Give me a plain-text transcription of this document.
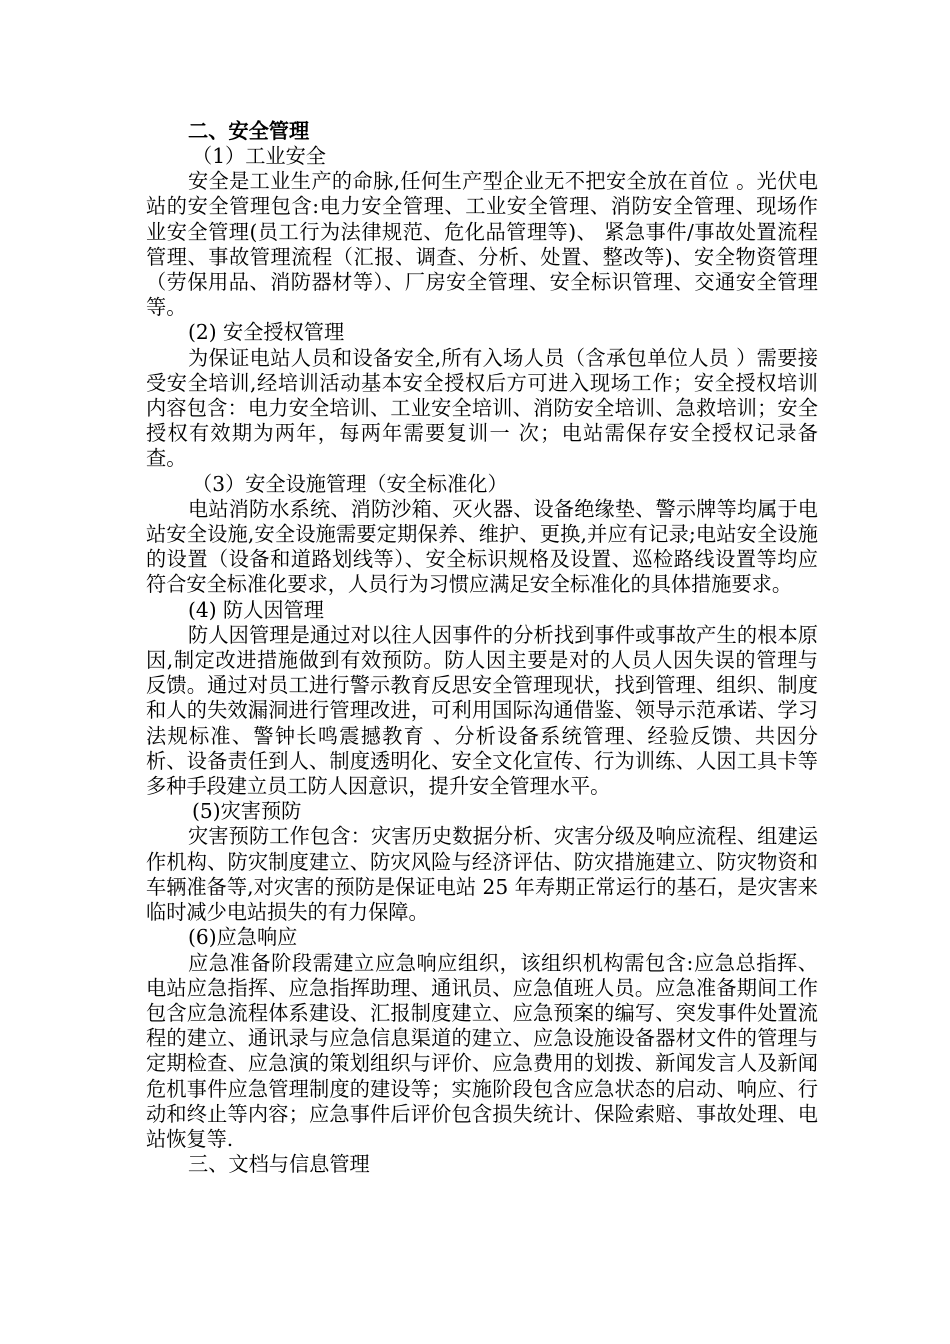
二、安全管理

（1）工业安全

安全是工业生产的命脉,任何生产型企业无不把安全放在首位 。光伏电站的安全管理包含:电力安全管理、工业安全管理、消防安全管理、现场作业安全管理(员工行为法律规范、危化品管理等)、 紧急事件/事故处置流程管理、事故管理流程（汇报、调查、分析、处置、整改等)、安全物资管理（劳保用品、消防器材等）、厂房安全管理、安全标识管理、交通安全管理等。

(2) 安全授权管理

为保证电站人员和设备安全,所有入场人员（含承包单位人员 ）需要接受安全培训,经培训活动基本安全授权后方可进入现场工作；安全授权培训内容包含：电力安全培训、工业安全培训、消防安全培训、急救培训；安全授权有效期为两年，每两年需要复训一 次；电站需保存安全授权记录备查。

（3）安全设施管理（安全标准化）

电站消防水系统、消防沙箱、灭火器、设备绝缘垫、警示牌等均属于电站安全设施,安全设施需要定期保养、维护、更换,并应有记录;电站安全设施的设置（设备和道路划线等）、安全标识规格及设置、巡检路线设置等均应符合安全标准化要求，人员行为习惯应满足安全标准化的具体措施要求。

(4) 防人因管理

防人因管理是通过对以往人因事件的分析找到事件或事故产生的根本原因,制定改进措施做到有效预防。防人因主要是对的人员人因失误的管理与反馈。通过对员工进行警示教育反思安全管理现状，找到管理、组织、制度和人的失效漏洞进行管理改进，可利用国际沟通借鉴、领导示范承诺、学习法规标准、警钟长鸣震撼教育 、分析设备系统管理、经验反馈、共因分析、设备责任到人、制度透明化、安全文化宣传、行为训练、人因工具卡等多种手段建立员工防人因意识，提升安全管理水平。

(5)灾害预防

灾害预防工作包含：灾害历史数据分析、灾害分级及响应流程、组建运作机构、防灾制度建立、防灾风险与经济评估、防灾措施建立、防灾物资和车辆准备等,对灾害的预防是保证电站 25 年寿期正常运行的基石，是灾害来临时减少电站损失的有力保障。

(6)应急响应

应急准备阶段需建立应急响应组织，该组织机构需包含:应急总指挥、电站应急指挥、应急指挥助理、通讯员、应急值班人员。应急准备期间工作包含应急流程体系建设、汇报制度建立、应急预案的编写、突发事件处置流程的建立、通讯录与应急信息渠道的建立、应急设施设备器材文件的管理与定期检查、应急演的策划组织与评价、应急费用的划拨、新闻发言人及新闻危机事件应急管理制度的建设等；实施阶段包含应急状态的启动、响应、行动和终止等内容；应急事件后评价包含损失统计、保险索赔、事故处理、电站恢复等.

三、文档与信息管理
